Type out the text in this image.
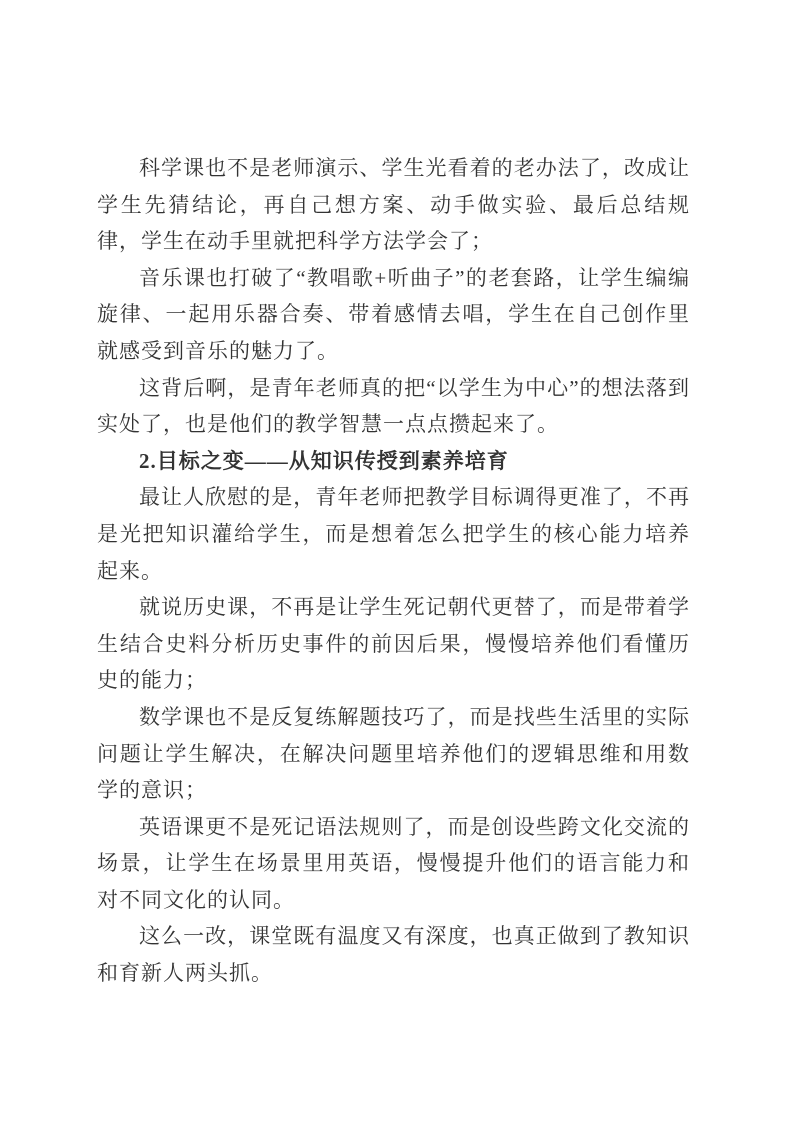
科学课也不是老师演示、学生光看着的老办法了，改成让学生先猜结论，再自己想方案、动手做实验、最后总结规律，学生在动手里就把科学方法学会了；

音乐课也打破了“教唱歌+听曲子”的老套路，让学生编编旋律、一起用乐器合奏、带着感情去唱，学生在自己创作里就感受到音乐的魅力了。

这背后啊，是青年老师真的把“以学生为中心”的想法落到实处了，也是他们的教学智慧一点点攒起来了。

2.目标之变——从知识传授到素养培育

最让人欣慰的是，青年老师把教学目标调得更准了，不再是光把知识灌给学生，而是想着怎么把学生的核心能力培养起来。

就说历史课，不再是让学生死记朝代更替了，而是带着学生结合史料分析历史事件的前因后果，慢慢培养他们看懂历史的能力；

数学课也不是反复练解题技巧了，而是找些生活里的实际问题让学生解决，在解决问题里培养他们的逻辑思维和用数学的意识；

英语课更不是死记语法规则了，而是创设些跨文化交流的场景，让学生在场景里用英语，慢慢提升他们的语言能力和对不同文化的认同。

这么一改，课堂既有温度又有深度，也真正做到了教知识和育新人两头抓。
